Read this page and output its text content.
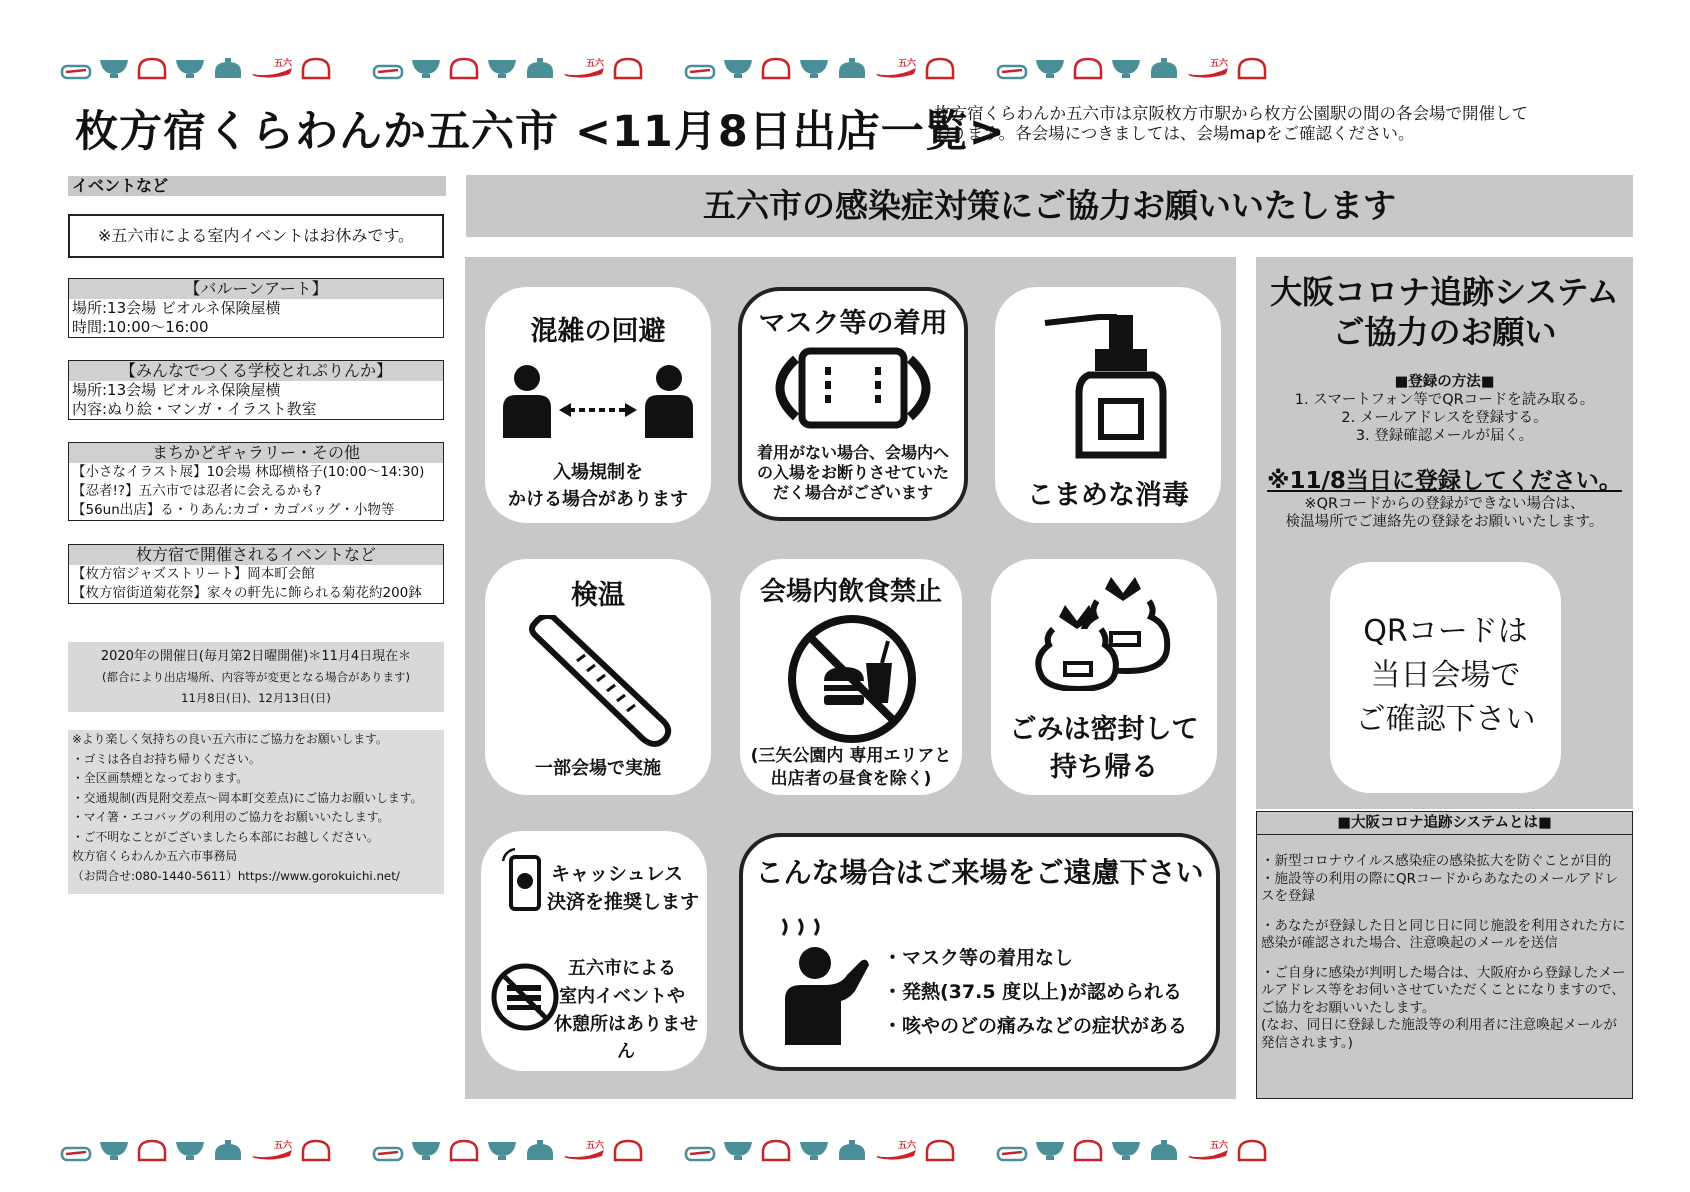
五六	五六	五六	五六
五六	五六	五六	五六
枚方宿くらわんか五六市 <11月8日出店一覧>
枚方宿くらわんか五六市は京阪枚方市駅から枚方公園駅の間の各会場で開催して
おります。各会場につきましては、会場mapをご確認ください。
イベントなど
※五六市による室内イベントはお休みです。
【バルーンアート】
場所:13会場 ビオルネ保険屋横
時間:10:00～16:00
【みんなでつくる学校とれぷりんか】
場所:13会場 ビオルネ保険屋横
内容:ぬり絵・マンガ・イラスト教室
まちかどギャラリー・その他
【小さなイラスト展】10会場 林邸横格子(10:00～14:30)
【忍者!?】五六市では忍者に会えるかも?
【56un出店】る・りあん:カゴ・カゴバッグ・小物等
枚方宿で開催されるイベントなど
【枚方宿ジャズストリート】岡本町会館
【枚方宿街道菊花祭】家々の軒先に飾られる菊花約200鉢
2020年の開催日(毎月第2日曜開催)＊11月4日現在＊
(都合により出店場所、内容等が変更となる場合があります)
11月8日(日)、12月13日(日)
※より楽しく気持ちの良い五六市にご協力をお願いします。
・ゴミは各自お持ち帰りください。
・全区画禁煙となっております。
・交通規制(西見附交差点～岡本町交差点)にご協力お願いします。
・マイ箸・エコバッグの利用のご協力をお願いいたします。
・ご不明なことがございましたら本部にお越しください。
枚方宿くらわんか五六市事務局
（お問合せ:080-1440-5611）https://www.gorokuichi.net/
五六市の感染症対策にご協力お願いいたします
混雑の回避
入場規制を
かける場合があります
マスク等の着用
着用がない場合、会場内へ
の入場をお断りさせていた
だく場合がございます	こまめな消毒
検温
一部会場で実施
会場内飲食禁止
(三矢公園内 専用エリアと
出店者の昼食を除く)
ごみは密封して
持ち帰る
キャッシュレス
決済を推奨します
五六市による
室内イベントや
休憩所はありません
こんな場合はご来場をご遠慮下さい
・マスク等の着用なし
・発熱(37.5 度以上)が認められる
・咳やのどの痛みなどの症状がある
大阪コロナ追跡システム
ご協力のお願い
■登録の方法■
1. スマートフォン等でQRコードを読み取る。
2. メールアドレスを登録する。
3. 登録確認メールが届く。
※11/8当日に登録してください。
※QRコードからの登録ができない場合は、
検温場所でご連絡先の登録をお願いいたします。
QRコードは
当日会場で
ご確認下さい
■大阪コロナ追跡システムとは■
・新型コロナウイルス感染症の感染拡大を防ぐことが目的
・施設等の利用の際にQRコードからあなたのメールアドレスを登録
・あなたが登録した日と同じ日に同じ施設を利用された方に感染が確認された場合、注意喚起のメールを送信
・ご自身に感染が判明した場合は、大阪府から登録したメールアドレス等をお伺いさせていただくことになりますので、ご協力をお願いいたします。
(なお、同日に登録した施設等の利用者に注意喚起メールが発信されます。)
